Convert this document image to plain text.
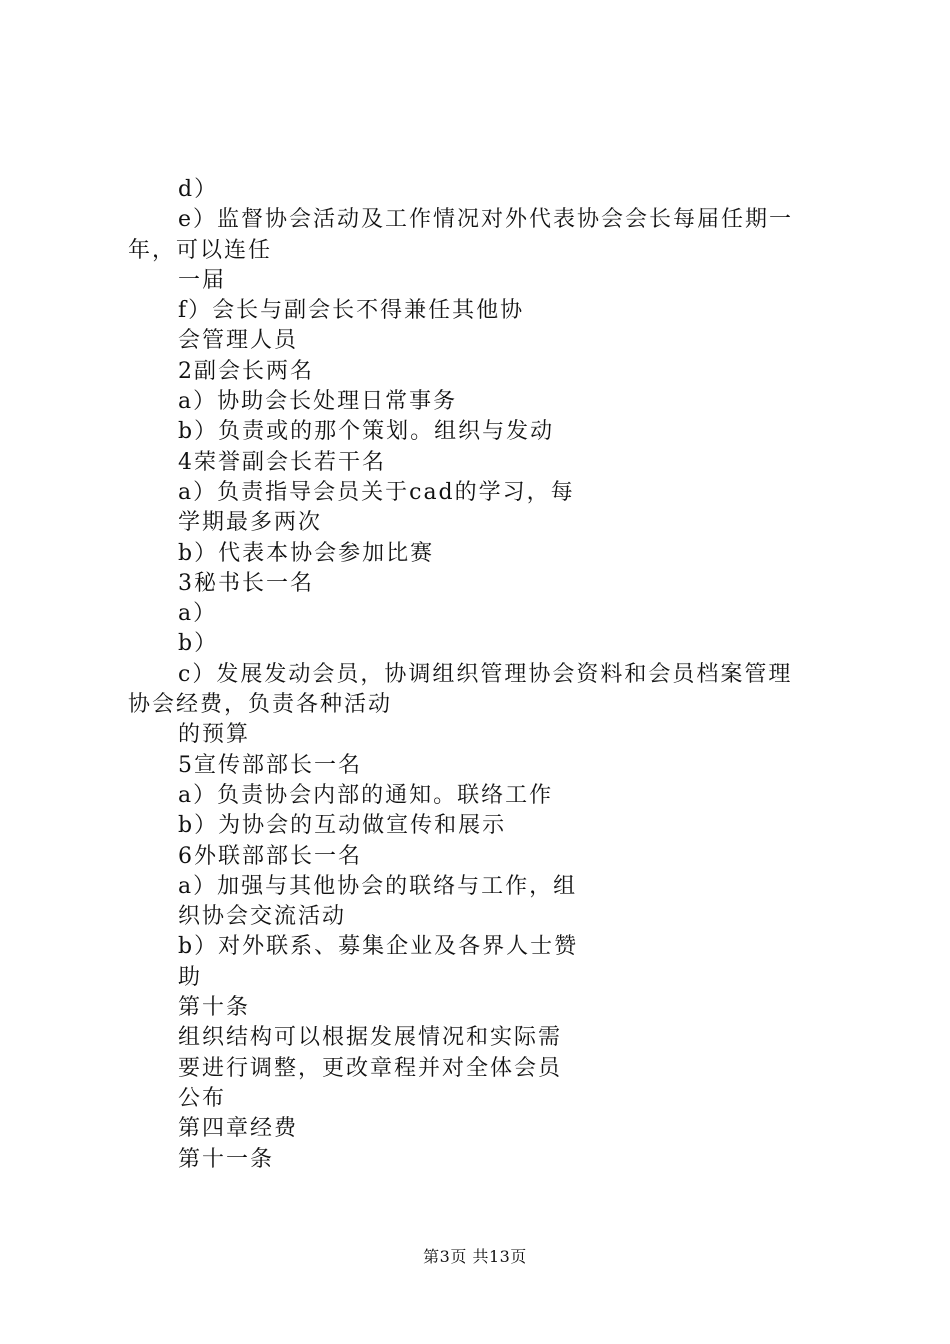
d）
e）监督协会活动及工作情况对外代表协会会长每届任期一
年，可以连任
一届
f）会长与副会长不得兼任其他协
会管理人员
2副会长两名
a）协助会长处理日常事务
b）负责或的那个策划。组织与发动
4荣誉副会长若干名
a）负责指导会员关于cad的学习，每
学期最多两次
b）代表本协会参加比赛
3秘书长一名
a）
b）
c）发展发动会员，协调组织管理协会资料和会员档案管理
协会经费，负责各种活动
的预算
5宣传部部长一名
a）负责协会内部的通知。联络工作
b）为协会的互动做宣传和展示
6外联部部长一名
a）加强与其他协会的联络与工作，组
织协会交流活动
b）对外联系、募集企业及各界人士赞
助
第十条
组织结构可以根据发展情况和实际需
要进行调整，更改章程并对全体会员
公布
第四章经费
第十一条
第3页 共13页
